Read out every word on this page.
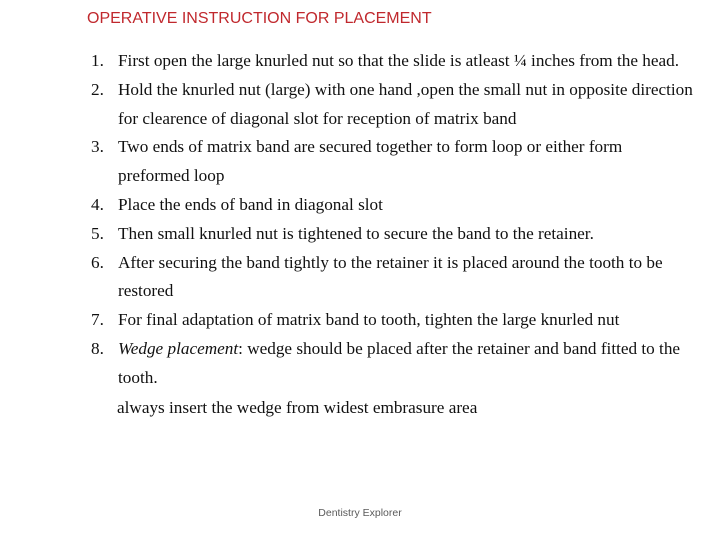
OPERATIVE INSTRUCTION FOR PLACEMENT
1. First open the large knurled nut so that the slide is atleast ¼ inches from the head.
2. Hold the knurled nut (large) with one hand ,open the small nut in opposite direction for clearence of diagonal slot for reception of matrix band
3. Two ends of matrix band are secured together to form loop or either form preformed loop
4. Place the ends of band in diagonal slot
5. Then small knurled nut is tightened to secure the band to the retainer.
6. After securing the band tightly to the retainer it is placed around the tooth to be restored
7. For final adaptation of matrix band to tooth, tighten the large knurled nut
8. Wedge placement: wedge should be placed after the retainer and band fitted to the tooth.
always insert the wedge from widest embrasure area
Dentistry Explorer
